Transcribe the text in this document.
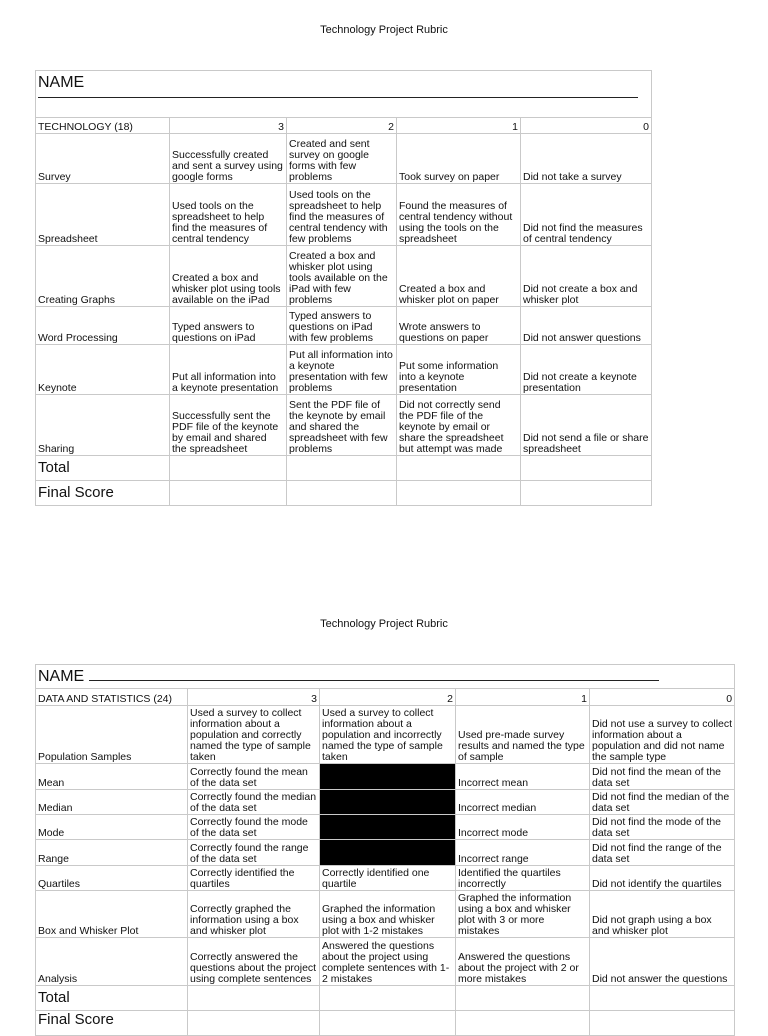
Technology Project Rubric
NAME				

TECHNOLOGY (18)	3	2	1	0
Survey	Successfully created and sent a survey using google forms	Created and sent survey on google forms with few problems	Took survey on paper	Did not take a survey
Spreadsheet	Used tools on the spreadsheet to help find the measures of central tendency	Used tools on the spreadsheet to help find the measures of central tendency with few problems	Found the measures of central tendency without using the tools on the spreadsheet	Did not find the measures of central tendency
Creating Graphs	Created a box and whisker plot using tools available on the iPad	Created a box and whisker plot using tools available on the iPad with few problems	Created a box and whisker plot on paper	Did not create a box and whisker plot
Word Processing	Typed answers to questions on iPad	Typed answers to questions on iPad with few problems	Wrote answers to questions on paper	Did not answer questions
Keynote	Put all information into a keynote presentation	Put all information into a keynote presentation with few problems	Put some information into a keynote presentation	Did not create a keynote presentation
Sharing	Successfully sent the PDF file of the keynote by email and shared the spreadsheet	Sent the PDF file of the keynote by email and shared the spreadsheet with few problems	Did not correctly send the PDF file of the keynote by email or share the spreadsheet but attempt was made	Did not send a file or share spreadsheet
Total				
Final Score				
Technology Project Rubric
NAME				
DATA AND STATISTICS (24)	3	2	1	0
Population Samples	Used a survey to collect information about a population and correctly named the type of sample taken	Used a survey to collect information about a population and incorrectly named the type of sample taken	Used pre-made survey results and named the type of sample	Did not use a survey to collect information about a population and did not name the sample type
Mean	Correctly found the mean of the data set		Incorrect mean	Did not find the mean of the data set
Median	Correctly found the median of the data set		Incorrect median	Did not find the median of the data set
Mode	Correctly found the mode of the data set		Incorrect mode	Did not find the mode of the data set
Range	Correctly found the range of the data set		Incorrect range	Did not find the range of the data set
Quartiles	Correctly identified the quartiles	Correctly identified one quartile	Identified the quartiles incorrectly	Did not identify the quartiles
Box and Whisker Plot	Correctly graphed the information using a box and whisker plot	Graphed the information using a box and whisker plot with 1-2 mistakes	Graphed the information using a box and whisker plot with 3 or more mistakes	Did not graph using a box and whisker plot
Analysis	Correctly answered the questions about the project using complete sentences	Answered the questions about the project using complete sentences with 1-2 mistakes	Answered the questions about the project with 2 or more mistakes	Did not answer the questions
Total				
Final Score				
